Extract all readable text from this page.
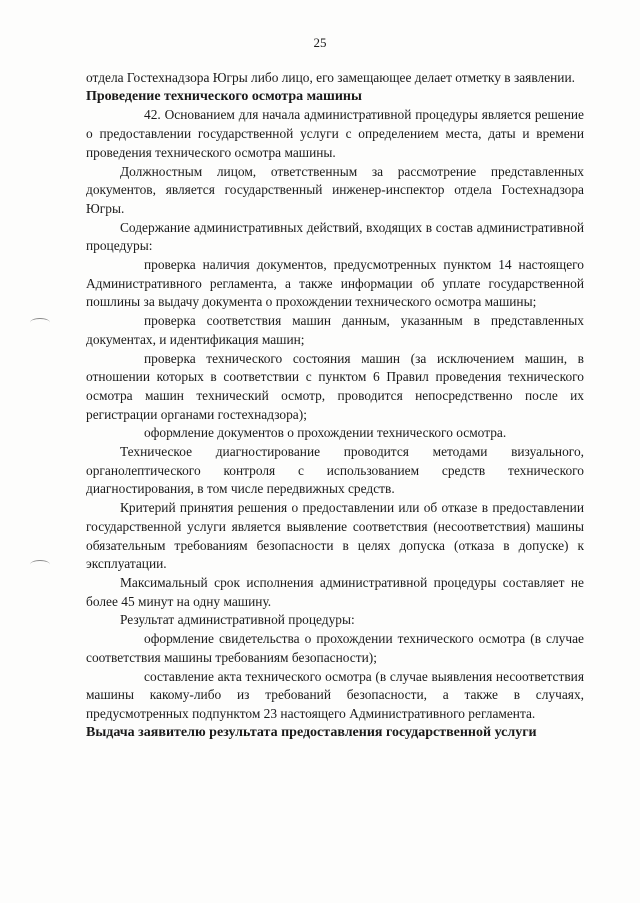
25

отдела Гостехнадзора Югры либо лицо, его замещающее делает отметку в заявлении.

Проведение технического осмотра машины

42. Основанием для начала административной процедуры является решение о предоставлении государственной услуги с определением места, даты и времени проведения технического осмотра машины.

Должностным лицом, ответственным за рассмотрение представленных документов, является государственный инженер-инспектор отдела Гостехнадзора Югры.

Содержание административных действий, входящих в состав административной процедуры:

проверка наличия документов, предусмотренных пунктом 14 настоящего Административного регламента, а также информации об уплате государственной пошлины за выдачу документа о прохождении технического осмотра машины;

проверка соответствия машин данным, указанным в представленных документах, и идентификация машин;

проверка технического состояния машин (за исключением машин, в отношении которых в соответствии с пунктом 6 Правил проведения технического осмотра машин технический осмотр, проводится непосредственно после их регистрации органами гостехнадзора);

оформление документов о прохождении технического осмотра.

Техническое диагностирование проводится методами визуального, органолептического контроля с использованием средств технического диагностирования, в том числе передвижных средств.

Критерий принятия решения о предоставлении или об отказе в предоставлении государственной услуги является выявление соответствия (несоответствия) машины обязательным требованиям безопасности в целях допуска (отказа в допуске) к эксплуатации.

Максимальный срок исполнения административной процедуры составляет не более 45 минут на одну машину.

Результат административной процедуры:

оформление свидетельства о прохождении технического осмотра (в случае соответствия машины требованиям безопасности);

составление акта технического осмотра (в случае выявления несоответствия машины какому-либо из требований безопасности, а также в случаях, предусмотренных подпунктом 23 настоящего Административного регламента.

Выдача заявителю результата предоставления государственной услуги
